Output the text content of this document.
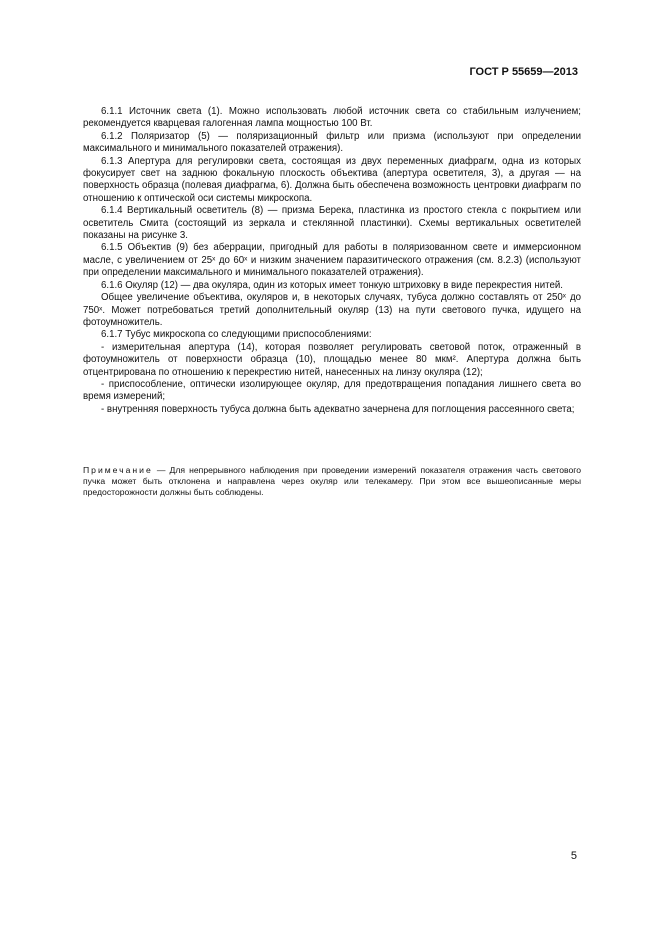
ГОСТ Р 55659—2013

6.1.1 Источник света (1). Можно использовать любой источник света со стабильным излучением; рекомендуется кварцевая галогенная лампа мощностью 100 Вт.

6.1.2 Поляризатор (5) — поляризационный фильтр или призма (используют при определении максимального и минимального показателей отражения).

6.1.3 Апертура для регулировки света, состоящая из двух переменных диафрагм, одна из которых фокусирует свет на заднюю фокальную плоскость объектива (апертура осветителя, 3), а другая — на поверхность образца (полевая диафрагма, 6). Должна быть обеспечена возможность центровки диафрагм по отношению к оптической оси системы микроскопа.

6.1.4 Вертикальный осветитель (8) — призма Берека, пластинка из простого стекла с покрытием или осветитель Смита (состоящий из зеркала и стеклянной пластинки). Схемы вертикальных осветителей показаны на рисунке 3.

6.1.5 Объектив (9) без аберрации, пригодный для работы в поляризованном свете и иммерсионном масле, с увеличением от 25ˣ до 60ˣ и низким значением паразитического отражения (см. 8.2.3) (используют при определении максимального и минимального показателей отражения).

6.1.6 Окуляр (12) — два окуляра, один из которых имеет тонкую штриховку в виде перекрестия нитей.

Общее увеличение объектива, окуляров и, в некоторых случаях, тубуса должно составлять от 250ˣ до 750ˣ. Может потребоваться третий дополнительный окуляр (13) на пути светового пучка, идущего на фотоумножитель.

6.1.7 Тубус микроскопа со следующими приспособлениями:

- измерительная апертура (14), которая позволяет регулировать световой поток, отраженный в фотоумножитель от поверхности образца (10), площадью менее 80 мкм². Апертура должна быть отцентрирована по отношению к перекрестию нитей, нанесенных на линзу окуляра (12);

- приспособление, оптически изолирующее окуляр, для предотвращения попадания лишнего света во время измерений;

- внутренняя поверхность тубуса должна быть адекватно зачернена для поглощения рассеянного света;

Примечание — Для непрерывного наблюдения при проведении измерений показателя отражения часть светового пучка может быть отклонена и направлена через окуляр или телекамеру. При этом все вышеописанные меры предосторожности должны быть соблюдены.

5
